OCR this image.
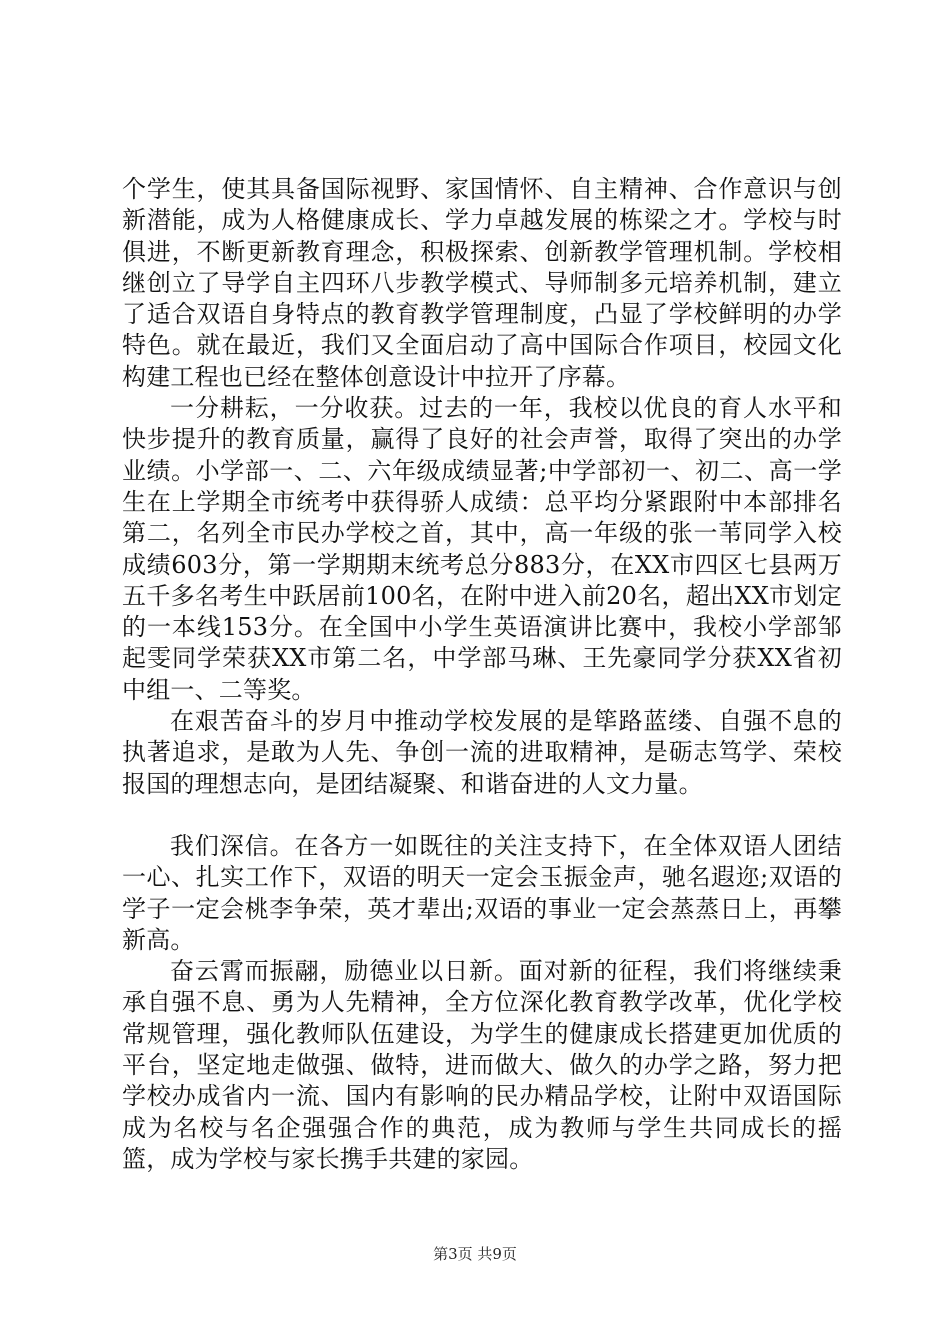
个学生，使其具备国际视野、家国情怀、自主精神、合作意识与创新潜能，成为人格健康成长、学力卓越发展的栋梁之才。学校与时俱进，不断更新教育理念，积极探索、创新教学管理机制。学校相继创立了导学自主四环八步教学模式、导师制多元培养机制，建立了适合双语自身特点的教育教学管理制度，凸显了学校鲜明的办学特色。就在最近，我们又全面启动了高中国际合作项目，校园文化构建工程也已经在整体创意设计中拉开了序幕。

一分耕耘，一分收获。过去的一年，我校以优良的育人水平和快步提升的教育质量，赢得了良好的社会声誉，取得了突出的办学业绩。小学部一、二、六年级成绩显著;中学部初一、初二、高一学生在上学期全市统考中获得骄人成绩：总平均分紧跟附中本部排名第二，名列全市民办学校之首，其中，高一年级的张一苇同学入校成绩603分，第一学期期末统考总分883分，在XX市四区七县两万五千多名考生中跃居前100名，在附中进入前20名，超出XX市划定的一本线153分。在全国中小学生英语演讲比赛中，我校小学部邹起雯同学荣获XX市第二名，中学部马琳、王先豪同学分获XX省初中组一、二等奖。

在艰苦奋斗的岁月中推动学校发展的是筚路蓝缕、自强不息的执著追求，是敢为人先、争创一流的进取精神，是砺志笃学、荣校报国的理想志向，是团结凝聚、和谐奋进的人文力量。

我们深信。在各方一如既往的关注支持下，在全体双语人团结一心、扎实工作下，双语的明天一定会玉振金声，驰名遐迩;双语的学子一定会桃李争荣，英才辈出;双语的事业一定会蒸蒸日上，再攀新高。

奋云霄而振翮，励德业以日新。面对新的征程，我们将继续秉承自强不息、勇为人先精神，全方位深化教育教学改革，优化学校常规管理，强化教师队伍建设，为学生的健康成长搭建更加优质的平台，坚定地走做强、做特，进而做大、做久的办学之路，努力把学校办成省内一流、国内有影响的民办精品学校，让附中双语国际成为名校与名企强强合作的典范，成为教师与学生共同成长的摇篮，成为学校与家长携手共建的家园。

第3页 共9页
